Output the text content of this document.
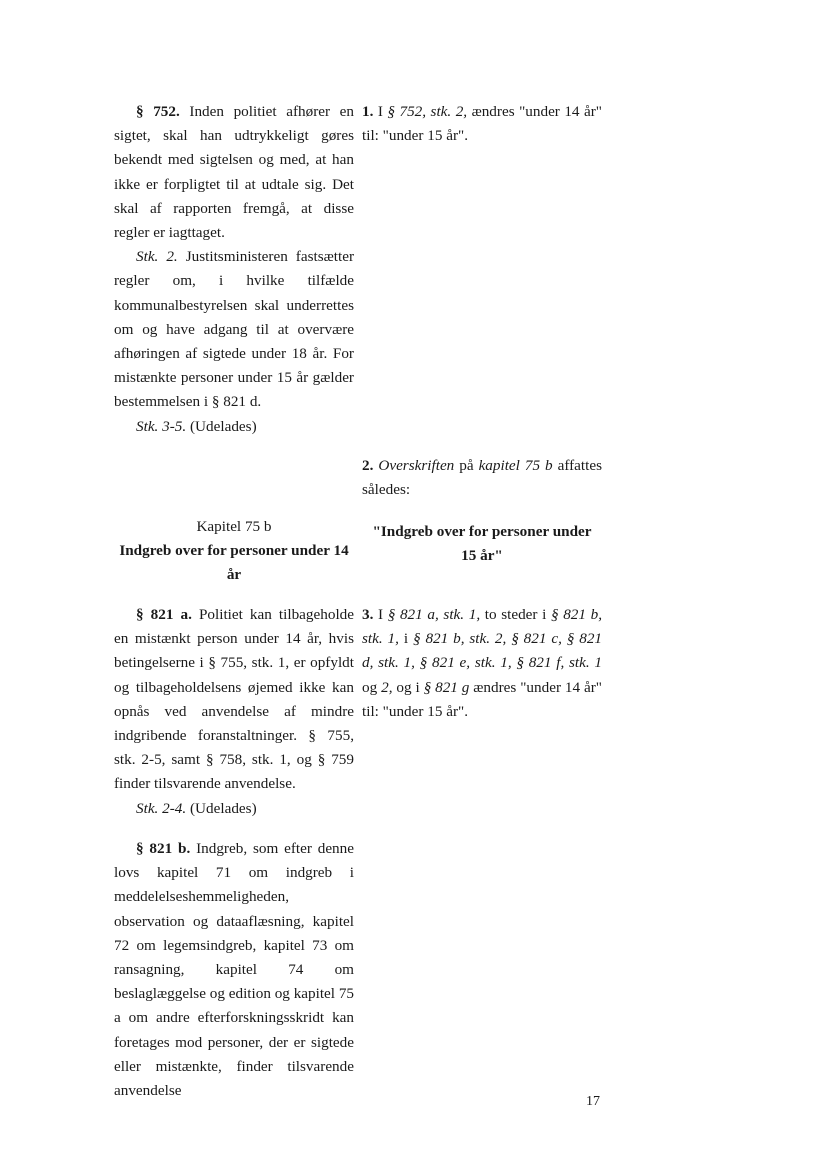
§ 752. Inden politiet afhører en sigtet, skal han udtrykkeligt gøres bekendt med sigtelsen og med, at han ikke er forpligtet til at udtale sig. Det skal af rapporten fremgå, at disse regler er iagttaget.

Stk. 2. Justitsministeren fastsætter regler om, i hvilke tilfælde kommunalbestyrelsen skal underrettes om og have adgang til at overvære afhøringen af sigtede under 18 år. For mistænkte personer under 15 år gælder bestemmelsen i § 821 d.

Stk. 3-5. (Udelades)

Kapitel 75 b
Indgreb over for personer under 14 år

§ 821 a. Politiet kan tilbageholde en mistænkt person under 14 år, hvis betingelserne i § 755, stk. 1, er opfyldt og tilbageholdelsens øjemed ikke kan opnås ved anvendelse af mindre indgribende foranstaltninger. § 755, stk. 2-5, samt § 758, stk. 1, og § 759 finder tilsvarende anvendelse.

Stk. 2-4. (Udelades)

§ 821 b. Indgreb, som efter denne lovs kapitel 71 om indgreb i meddelelseshemmeligheden, observation og dataaflæsning, kapitel 72 om legemsindgreb, kapitel 73 om ransagning, kapitel 74 om beslaglæggelse og edition og kapitel 75 a om andre efterforskningsskridt kan foretages mod personer, der er sigtede eller mistænkte, finder tilsvarende anvendelse

1. I § 752, stk. 2, ændres "under 14 år" til: "under 15 år".

2. Overskriften på kapitel 75 b affattes således:

"Indgreb over for personer under 15 år"

3. I § 821 a, stk. 1, to steder i § 821 b, stk. 1, i § 821 b, stk. 2, § 821 c, § 821 d, stk. 1, § 821 e, stk. 1, § 821 f, stk. 1 og 2, og i § 821 g ændres "under 14 år" til: "under 15 år".

17
